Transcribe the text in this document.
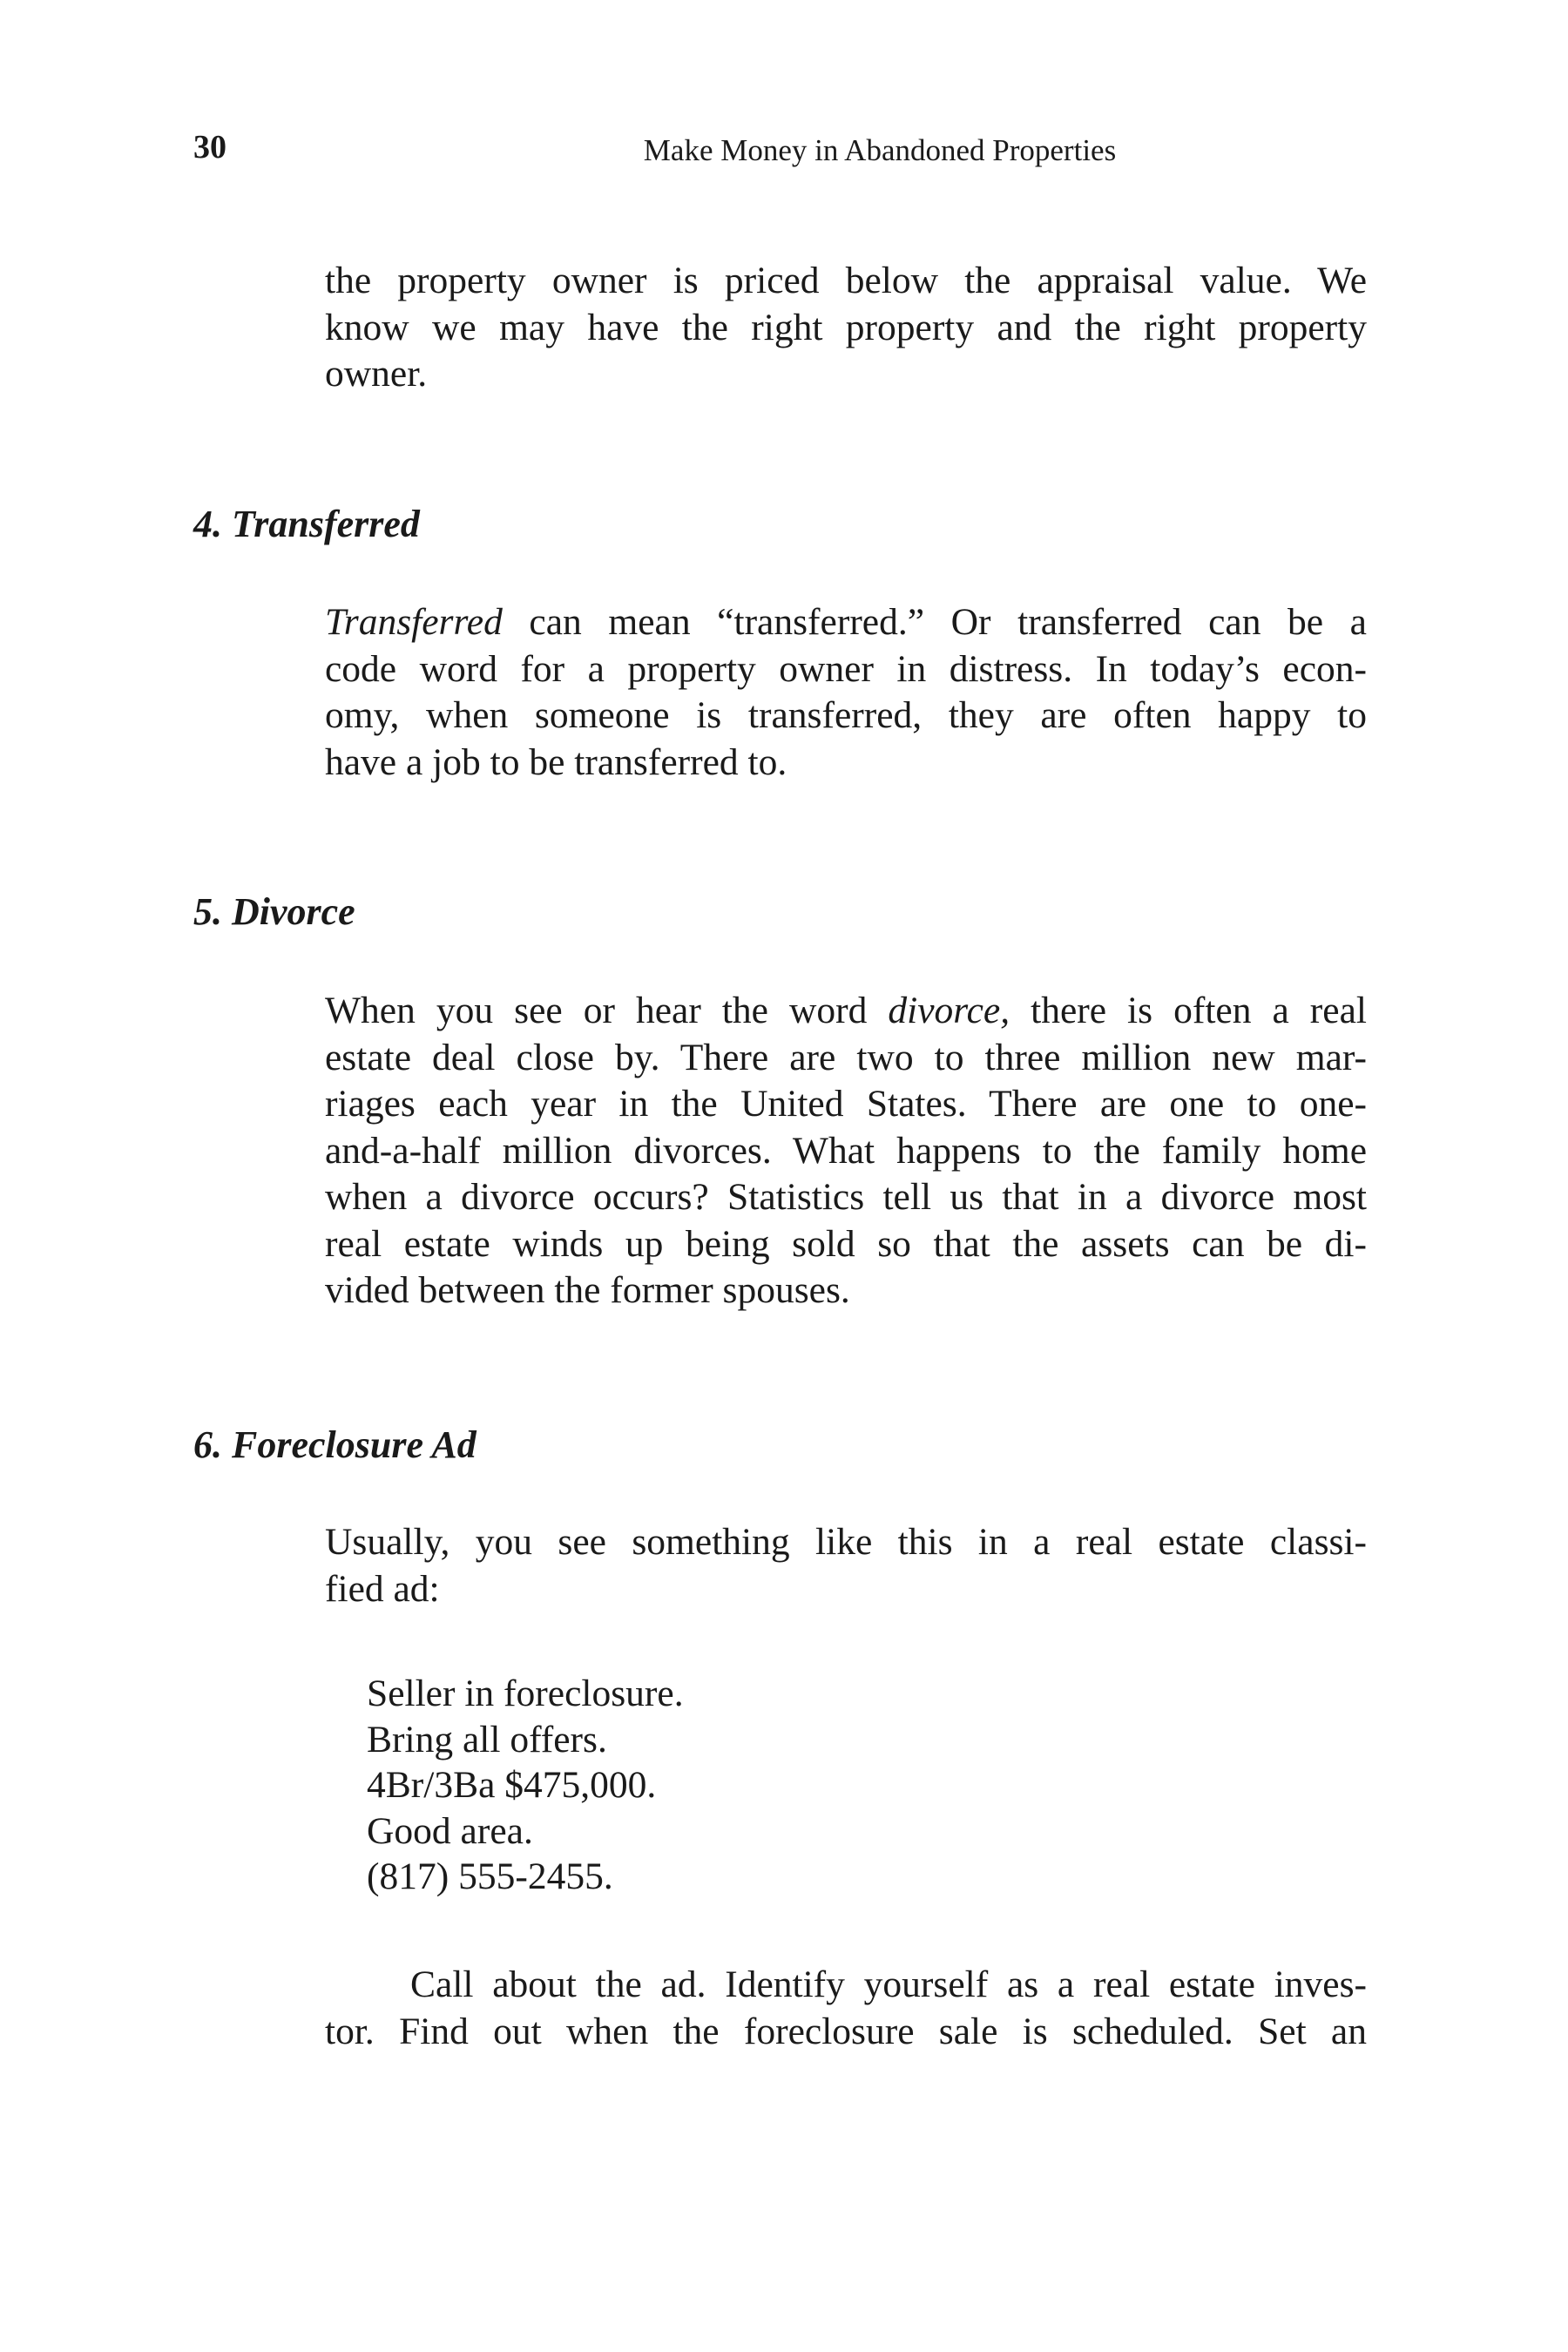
30	Make Money in Abandoned Properties
the property owner is priced below the appraisal value. We
know we may have the right property and the right property
owner.
4. Transferred
Transferred can mean “transferred.” Or transferred can be a
code word for a property owner in distress. In today’s econ-
omy, when someone is transferred, they are often happy to
have a job to be transferred to.
5. Divorce
When you see or hear the word divorce, there is often a real
estate deal close by. There are two to three million new mar-
riages each year in the United States. There are one to one-
and-a-half million divorces. What happens to the family home
when a divorce occurs? Statistics tell us that in a divorce most
real estate winds up being sold so that the assets can be di-
vided between the former spouses.
6. Foreclosure Ad
Usually, you see something like this in a real estate classi-
fied ad:
Seller in foreclosure.
Bring all offers.
4Br/3Ba $475,000.
Good area.
(817) 555-2455.
Call about the ad. Identify yourself as a real estate inves-
tor. Find out when the foreclosure sale is scheduled. Set an
